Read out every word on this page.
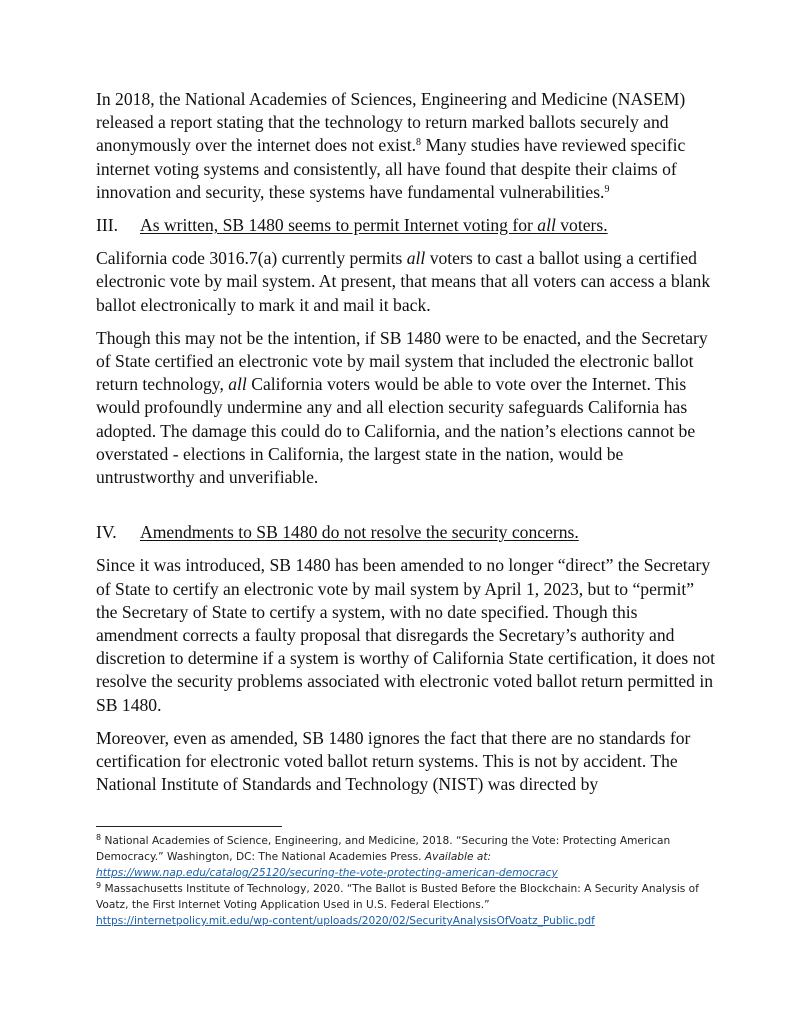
In 2018, the National Academies of Sciences, Engineering and Medicine (NASEM) released a report stating that the technology to return marked ballots securely and anonymously over the internet does not exist.$^8$ Many studies have reviewed specific internet voting systems and consistently, all have found that despite their claims of innovation and security, these systems have fundamental vulnerabilities.$^9$

III.	As written, SB 1480 seems to permit Internet voting for all voters.

California code 3016.7(a) currently permits all voters to cast a ballot using a certified electronic vote by mail system. At present, that means that all voters can access a blank ballot electronically to mark it and mail it back.

Though this may not be the intention, if SB 1480 were to be enacted, and the Secretary of State certified an electronic vote by mail system that included the electronic ballot return technology, all California voters would be able to vote over the Internet. This would profoundly undermine any and all election security safeguards California has adopted. The damage this could do to California, and the nation’s elections cannot be overstated - elections in California, the largest state in the nation, would be untrustworthy and unverifiable.

IV.	Amendments to SB 1480 do not resolve the security concerns.

Since it was introduced, SB 1480 has been amended to no longer “direct” the Secretary of State to certify an electronic vote by mail system by April 1, 2023, but to “permit” the Secretary of State to certify a system, with no date specified. Though this amendment corrects a faulty proposal that disregards the Secretary’s authority and discretion to determine if a system is worthy of California State certification, it does not resolve the security problems associated with electronic voted ballot return permitted in SB 1480.

Moreover, even as amended, SB 1480 ignores the fact that there are no standards for certification for electronic voted ballot return systems. This is not by accident. The National Institute of Standards and Technology (NIST) was directed by

$^8$ National Academies of Science, Engineering, and Medicine, 2018. “Securing the Vote: Protecting American Democracy.” Washington, DC: The National Academies Press. Available at:
https://www.nap.edu/catalog/25120/securing-the-vote-protecting-american-democracy

$^9$ Massachusetts Institute of Technology, 2020. “The Ballot is Busted Before the Blockchain: A Security Analysis of Voatz, the First Internet Voting Application Used in U.S. Federal Elections.”
https://internetpolicy.mit.edu/wp-content/uploads/2020/02/SecurityAnalysisOfVoatz_Public.pdf
